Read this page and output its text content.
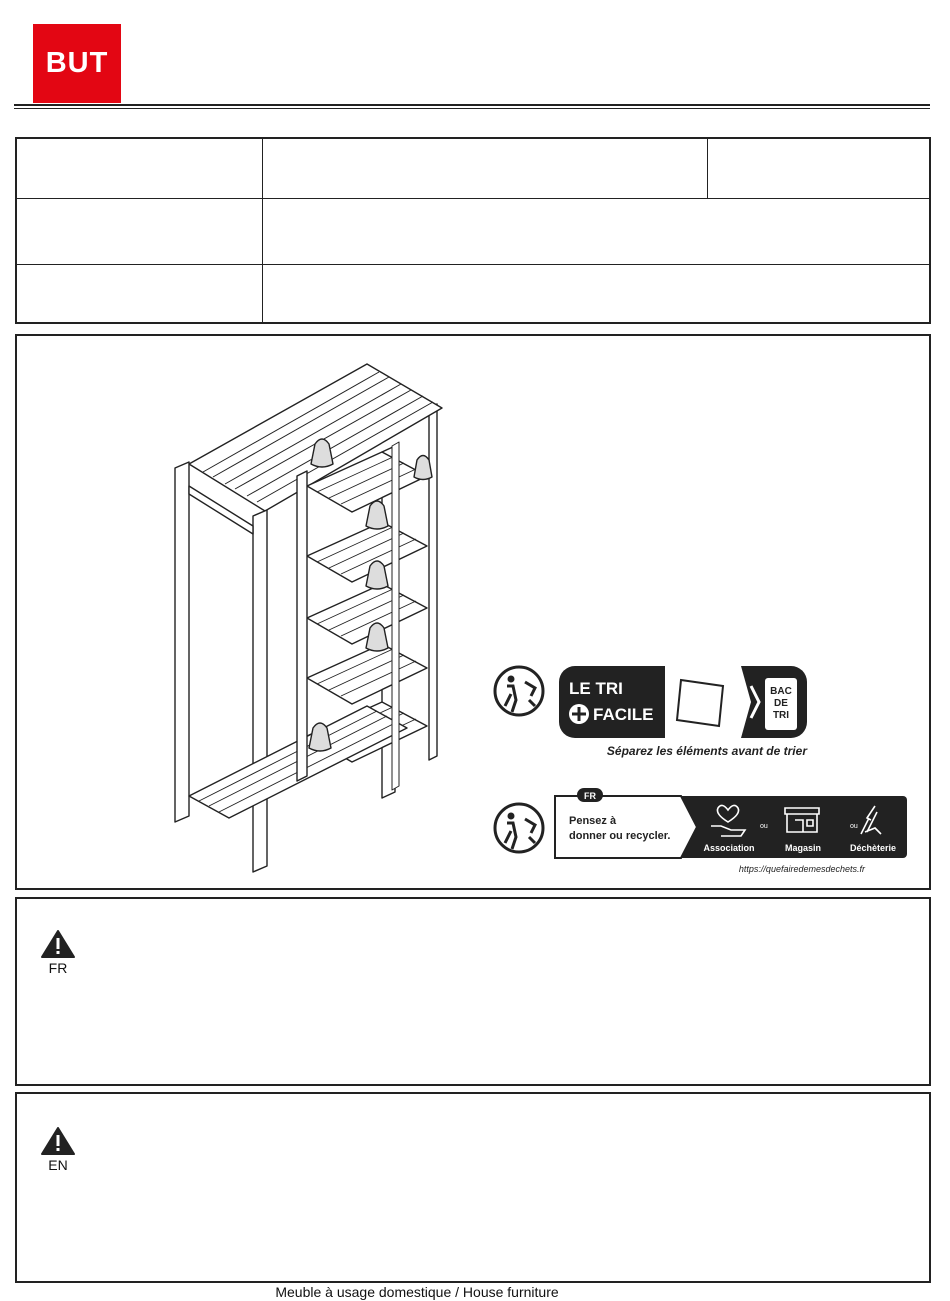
BUT
LE TRI
FACILE
BAC
DE
TRI
Séparez les éléments avant de trier
FR
Pensez à
donner ou recycler.
ou	ou
Association	Magasin	Déchèterie
https://quefairedemesdechets.fr
FR
EN
Meuble à usage domestique / House furniture
